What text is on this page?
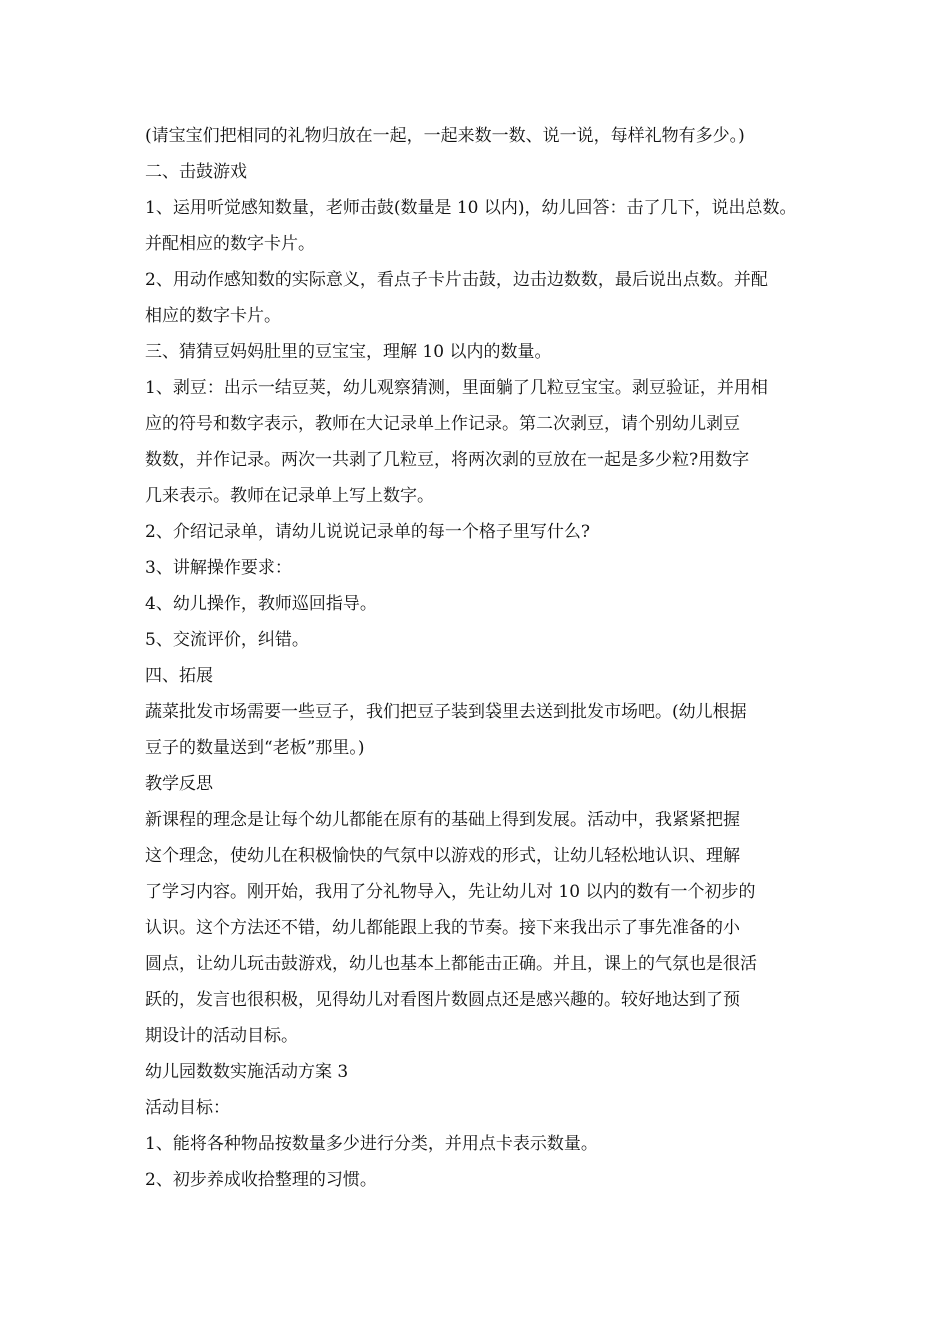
(请宝宝们把相同的礼物归放在一起，一起来数一数、说一说，每样礼物有多少。)

二、击鼓游戏

1、运用听觉感知数量，老师击鼓(数量是 10 以内)，幼儿回答：击了几下，说出总数。

并配相应的数字卡片。

2、用动作感知数的实际意义，看点子卡片击鼓，边击边数数，最后说出点数。并配

相应的数字卡片。

三、猜猜豆妈妈肚里的豆宝宝，理解 10 以内的数量。

1、剥豆：出示一结豆荚，幼儿观察猜测，里面躺了几粒豆宝宝。剥豆验证，并用相

应的符号和数字表示，教师在大记录单上作记录。第二次剥豆，请个别幼儿剥豆

数数，并作记录。两次一共剥了几粒豆，将两次剥的豆放在一起是多少粒?用数字

几来表示。教师在记录单上写上数字。

2、介绍记录单，请幼儿说说记录单的每一个格子里写什么?

3、讲解操作要求：

4、幼儿操作，教师巡回指导。

5、交流评价，纠错。

四、拓展

蔬菜批发市场需要一些豆子，我们把豆子装到袋里去送到批发市场吧。(幼儿根据

豆子的数量送到“老板”那里。)

教学反思

新课程的理念是让每个幼儿都能在原有的基础上得到发展。活动中，我紧紧把握

这个理念，使幼儿在积极愉快的气氛中以游戏的形式，让幼儿轻松地认识、理解

了学习内容。刚开始，我用了分礼物导入，先让幼儿对 10 以内的数有一个初步的

认识。这个方法还不错，幼儿都能跟上我的节奏。接下来我出示了事先准备的小

圆点，让幼儿玩击鼓游戏，幼儿也基本上都能击正确。并且，课上的气氛也是很活

跃的，发言也很积极，见得幼儿对看图片数圆点还是感兴趣的。较好地达到了预

期设计的活动目标。

幼儿园数数实施活动方案 3

活动目标：

1、能将各种物品按数量多少进行分类，并用点卡表示数量。

2、初步养成收拾整理的习惯。
